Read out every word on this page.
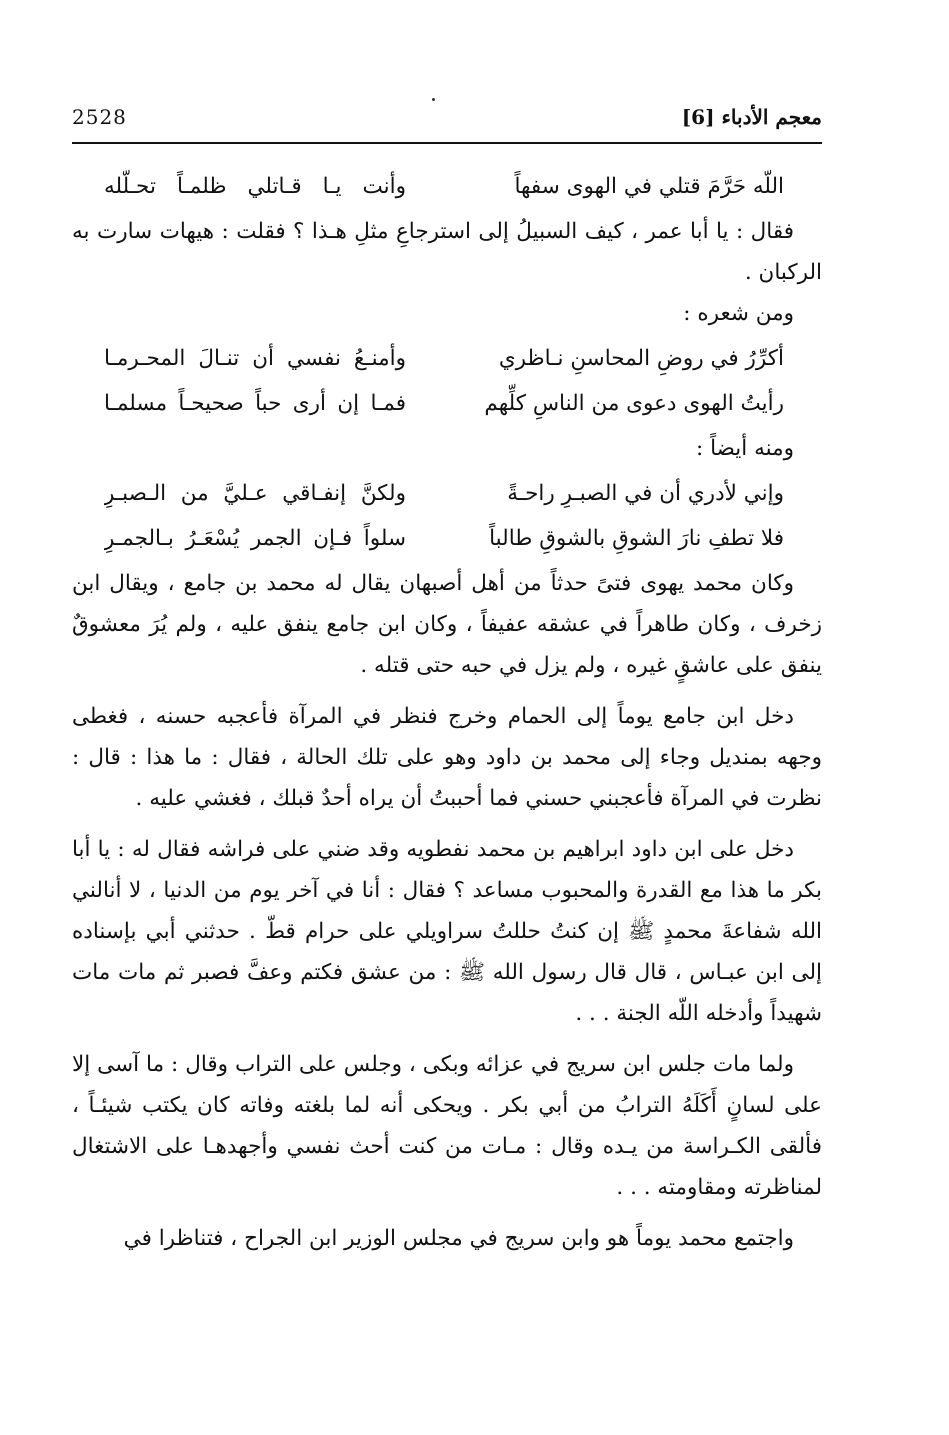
معجم الأدباء [6]
2528
اللّه حَرَّمَ قتلي في الهوى سفهاً
وأنت يـا قـاتلي ظلمـاً تحـلّله

فقال : يا أبا عمر ، كيف السبيلُ إلى استرجاعِ مثلِ هـذا ؟ فقلت : هيهات سارت به الركبان .

ومن شعره :

أكرِّرُ في روضِ المحاسنِ نـاظري
وأمنـعُ نفسي أن تنـالَ المحـرمـا
رأيتُ الهوى دعوى من الناسِ كلِّهم
فمـا إن أرى حباً صحيحـاً مسلمـا

ومنه أيضاً :

وإني لأدري أن في الصبـرِ راحـةً
ولكنَّ إنفـاقي عـليَّ من الـصبـرِ
فلا تطفِ نارَ الشوقِ بالشوقِ طالباً
سلواً فـإن الجمر يُسْعَـرُ بـالجمـرِ

وكان محمد يهوى فتىً حدثاً من أهل أصبهان يقال له محمد بن جامع ، ويقال ابن زخرف ، وكان طاهراً في عشقه عفيفاً ، وكان ابن جامع ينفق عليه ، ولم يُرَ معشوقٌ ينفق على عاشقٍ غيره ، ولم يزل في حبه حتى قتله .

دخل ابن جامع يوماً إلى الحمام وخرج فنظر في المرآة فأعجبه حسنه ، فغطى وجهه بمنديل وجاء إلى محمد بن داود وهو على تلك الحالة ، فقال : ما هذا : قال : نظرت في المرآة فأعجبني حسني فما أحببتُ أن يراه أحدٌ قبلك ، فغشي عليه .

دخل على ابن داود ابراهيم بن محمد نفطويه وقد ضني على فراشه فقال له : يا أبا بكر ما هذا مع القدرة والمحبوب مساعد ؟ فقال : أنا في آخر يوم من الدنيا ، لا أنالني الله شفاعةَ محمدٍ ﷺ إن كنتُ حللتُ سراويلي على حرام قطّ . حدثني أبي بإسناده إلى ابن عبـاس ، قال قال رسول الله ﷺ : من عشق فكتم وعفَّ فصبر ثم مات مات شهيداً وأدخله اللّه الجنة . . .

ولما مات جلس ابن سريج في عزائه وبكى ، وجلس على التراب وقال : ما آسى إلا على لسانٍ أَكَلَهُ الترابُ من أبي بكر . ويحكى أنه لما بلغته وفاته كان يكتب شيئـاً ، فألقى الكـراسة من يـده وقال : مـات من كنت أحث نفسي وأجهدهـا على الاشتغال لمناظرته ومقاومته . . .

واجتمع محمد يوماً هو وابن سريج في مجلس الوزير ابن الجراح ، فتناظرا في
